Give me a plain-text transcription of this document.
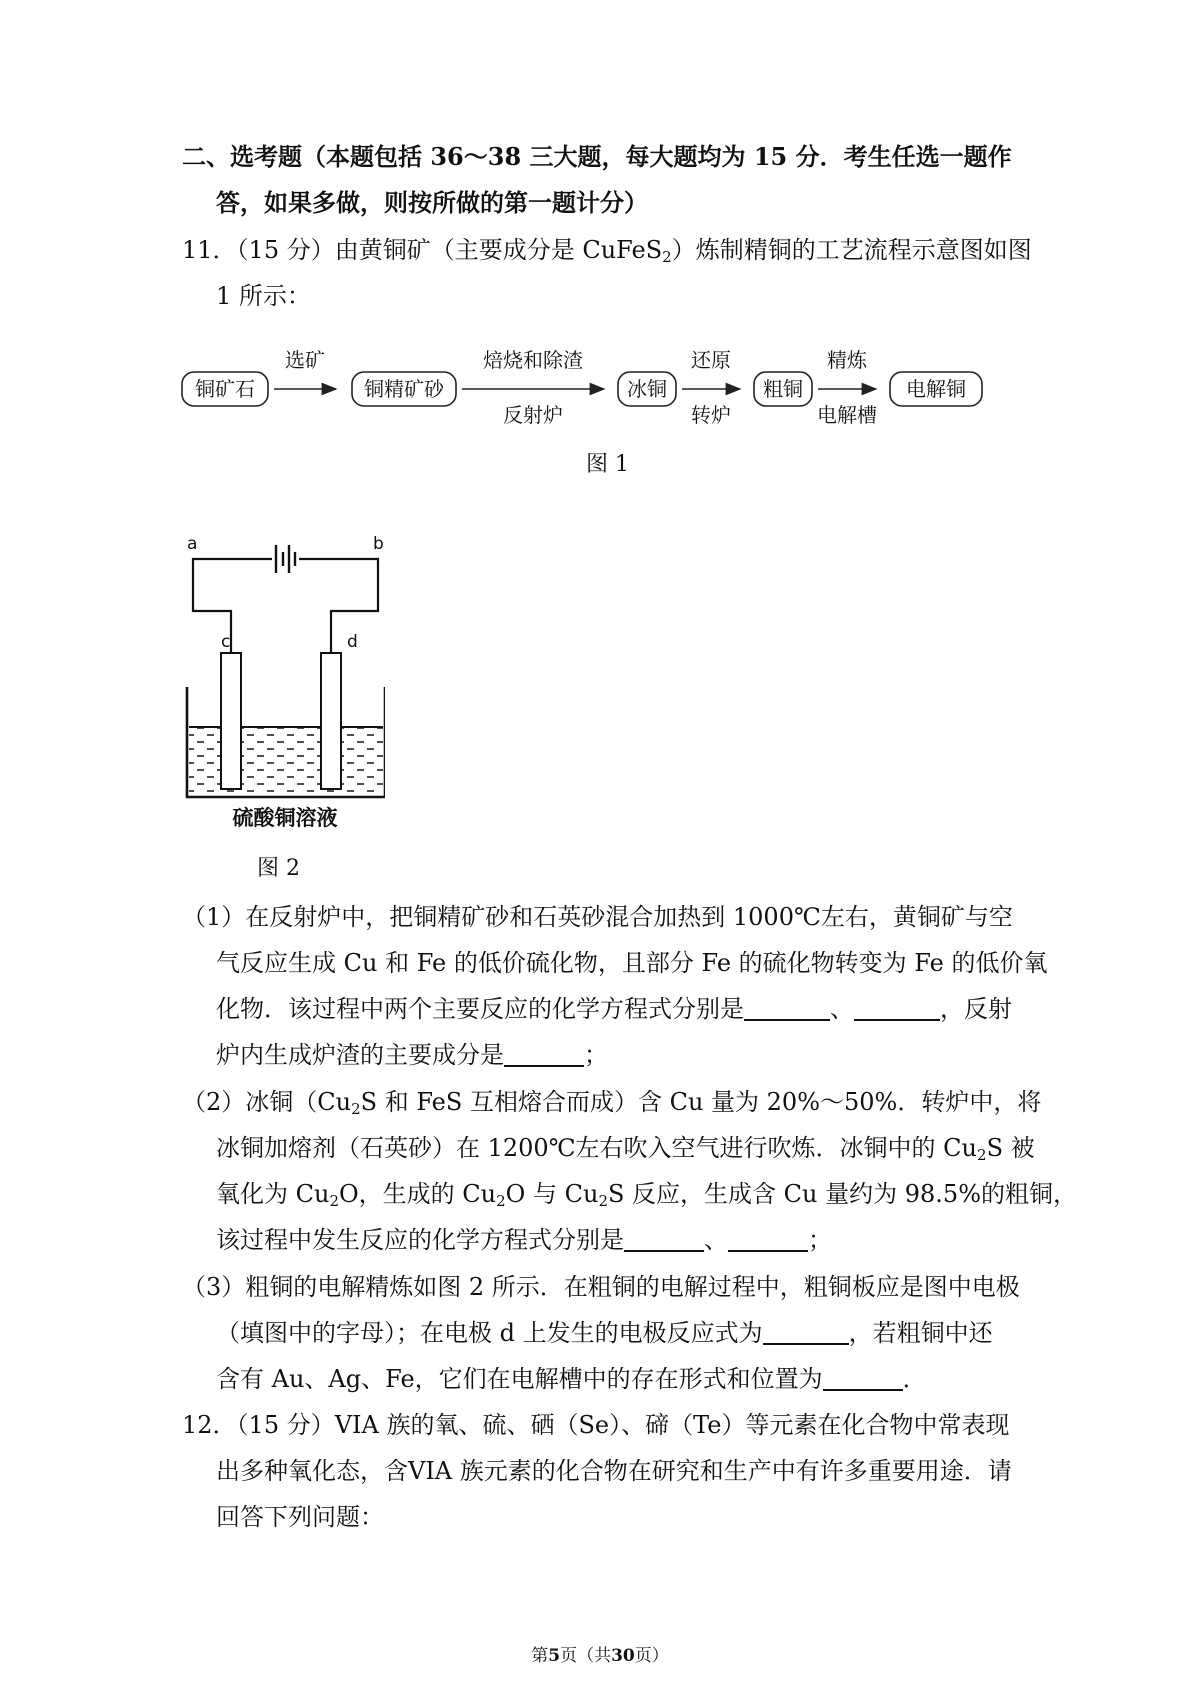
二、选考题（本题包括 36～38 三大题，每大题均为 15 分．考生任选一题作
答，如果多做，则按所做的第一题计分）
11．（15 分）由黄铜矿（主要成分是 CuFeS$_2$）炼制精铜的工艺流程示意图如图
1 所示：
铜矿石
选矿
铜精矿砂
焙烧和除渣
反射炉
冰铜
还原
转炉
粗铜
精炼
电解槽
电解铜
图 1
a	b
c	d
硫酸铜溶液
图 2
（1）在反射炉中，把铜精矿砂和石英砂混合加热到 1000℃左右，黄铜矿与空
气反应生成 Cu 和 Fe 的低价硫化物，且部分 Fe 的硫化物转变为 Fe 的低价氧
化物．该过程中两个主要反应的化学方程式分别是	、	，反射
炉内生成炉渣的主要成分是	；
（2）冰铜（$Cu_2S$ 和 FeS 互相熔合而成）含 Cu 量为 20%～50%．转炉中，将
冰铜加熔剂（石英砂）在 1200℃左右吹入空气进行吹炼．冰铜中的 $Cu_2S$ 被
氧化为 $Cu_2O$，生成的 $Cu_2O$ 与 $Cu_2S$ 反应，生成含 Cu 量约为 98.5%的粗铜，
该过程中发生反应的化学方程式分别是	、	；
（3）粗铜的电解精炼如图 2 所示．在粗铜的电解过程中，粗铜板应是图中电极
（填图中的字母）；在电极 d 上发生的电极反应式为	，若粗铜中还
含有 Au、Ag、Fe，它们在电解槽中的存在形式和位置为	．
12．（15 分）VIA 族的氧、硫、硒（Se）、碲（Te）等元素在化合物中常表现
出多种氧化态，含VIA 族元素的化合物在研究和生产中有许多重要用途．请
回答下列问题：
第5页（共30页）
